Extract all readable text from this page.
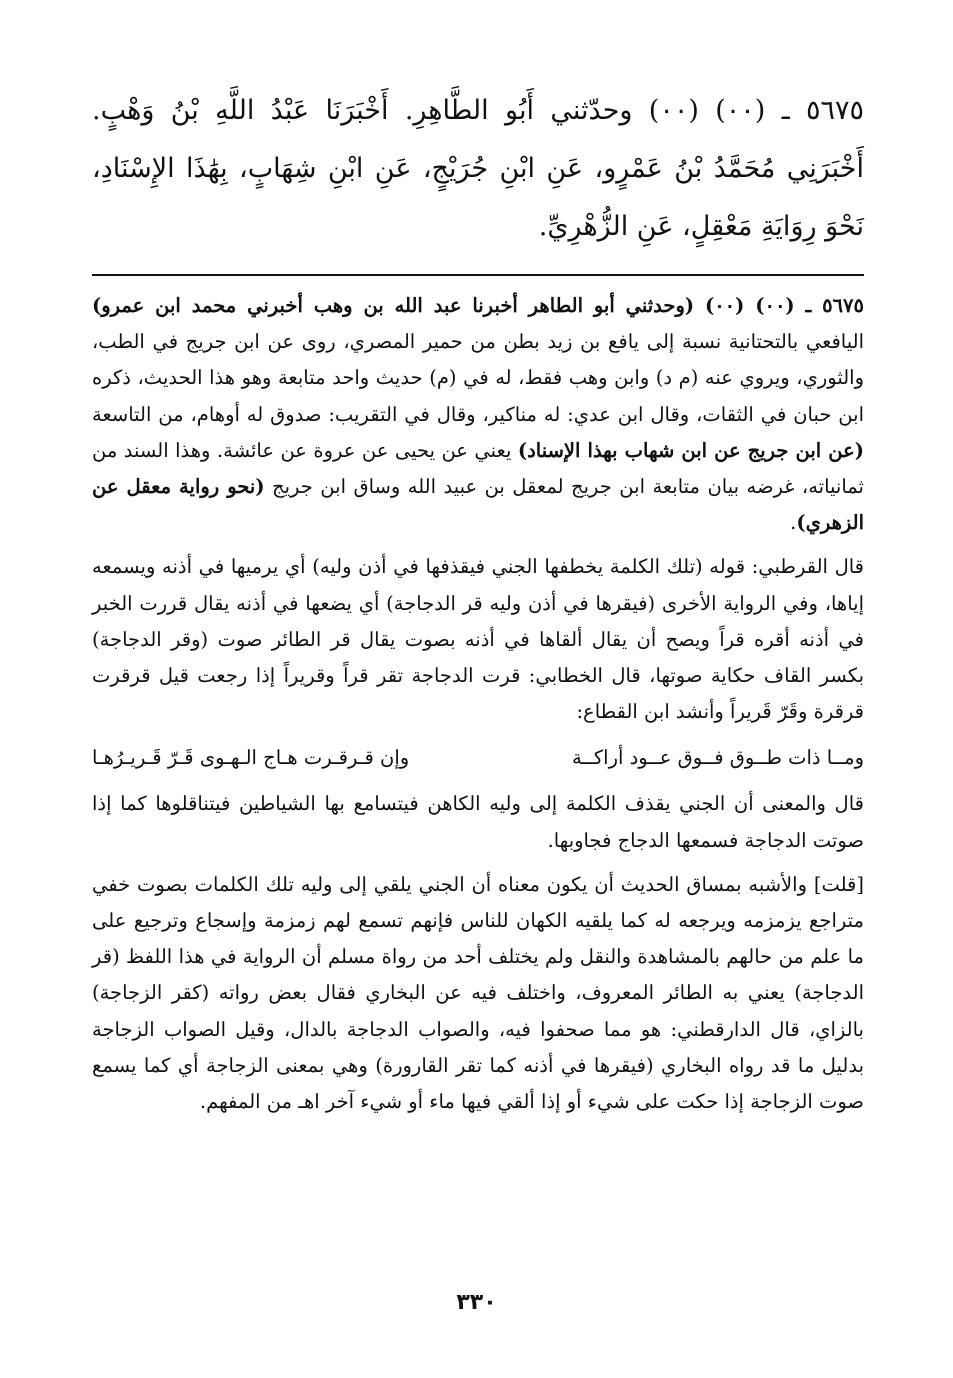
٥٦٧٥ ـ (٠٠) (٠٠) وحدّثني أَبُو الطَّاهِرِ. أَخْبَرَنَا عَبْدُ اللَّهِ بْنُ وَهْبٍ. أَخْبَرَنِي مُحَمَّدُ بْنُ عَمْرٍو، عَنِ ابْنِ جُرَيْجٍ، عَنِ ابْنِ شِهَابٍ، بِهَٰذَا الإِسْنَادِ، نَحْوَ رِوَايَةِ مَعْقِلٍ، عَنِ الزُّهْرِيِّ.

٥٦٧٥ ـ (٠٠) (٠٠) (وحدثني أبو الطاهر أخبرنا عبد الله بن وهب أخبرني محمد ابن عمرو) اليافعي بالتحتانية نسبة إلى يافع بن زيد بطن من حمير المصري، روى عن ابن جريج في الطب، والثوري، ويروي عنه (م د) وابن وهب فقط، له في (م) حديث واحد متابعة وهو هذا الحديث، ذكره ابن حبان في الثقات، وقال ابن عدي: له مناكير، وقال في التقريب: صدوق له أوهام، من التاسعة (عن ابن جريج عن ابن شهاب بهذا الإسناد) يعني عن يحيى عن عروة عن عائشة. وهذا السند من ثمانياته، غرضه بيان متابعة ابن جريج لمعقل بن عبيد الله وساق ابن جريج (نحو رواية معقل عن الزهري).

قال القرطبي: قوله (تلك الكلمة يخطفها الجني فيقذفها في أذن وليه) أي يرميها في أذنه ويسمعه إياها، وفي الرواية الأخرى (فيقرها في أذن وليه قر الدجاجة) أي يضعها في أذنه يقال قررت الخبر في أذنه أقره قراً ويصح أن يقال ألقاها في أذنه بصوت يقال قر الطائر صوت (وقر الدجاجة) بكسر القاف حكاية صوتها، قال الخطابي: قرت الدجاجة تقر قراً وقريراً إذا رجعت قيل قرقرت قرقرة وقَرّ قَريراً وأنشد ابن القطاع:

ومــا ذات طــوق فــوق عــود أراكــة
وإن قـرقـرت هـاج الـهـوى قَـرّ قَـريـرُهـا

قال والمعنى أن الجني يقذف الكلمة إلى وليه الكاهن فيتسامع بها الشياطين فيتناقلوها كما إذا صوتت الدجاجة فسمعها الدجاج فجاوبها.

[قلت] والأشبه بمساق الحديث أن يكون معناه أن الجني يلقي إلى وليه تلك الكلمات بصوت خفي متراجع يزمزمه ويرجعه له كما يلقيه الكهان للناس فإنهم تسمع لهم زمزمة وإسجاع وترجيع على ما علم من حالهم بالمشاهدة والنقل ولم يختلف أحد من رواة مسلم أن الرواية في هذا اللفظ (قر الدجاجة) يعني به الطائر المعروف، واختلف فيه عن البخاري فقال بعض رواته (كقر الزجاجة) بالزاي، قال الدارقطني: هو مما صحفوا فيه، والصواب الدجاجة بالدال، وقيل الصواب الزجاجة بدليل ما قد رواه البخاري (فيقرها في أذنه كما تقر القارورة) وهي بمعنى الزجاجة أي كما يسمع صوت الزجاجة إذا حكت على شيء أو إذا ألقي فيها ماء أو شيء آخر اهـ من المفهم.

٣٣٠
